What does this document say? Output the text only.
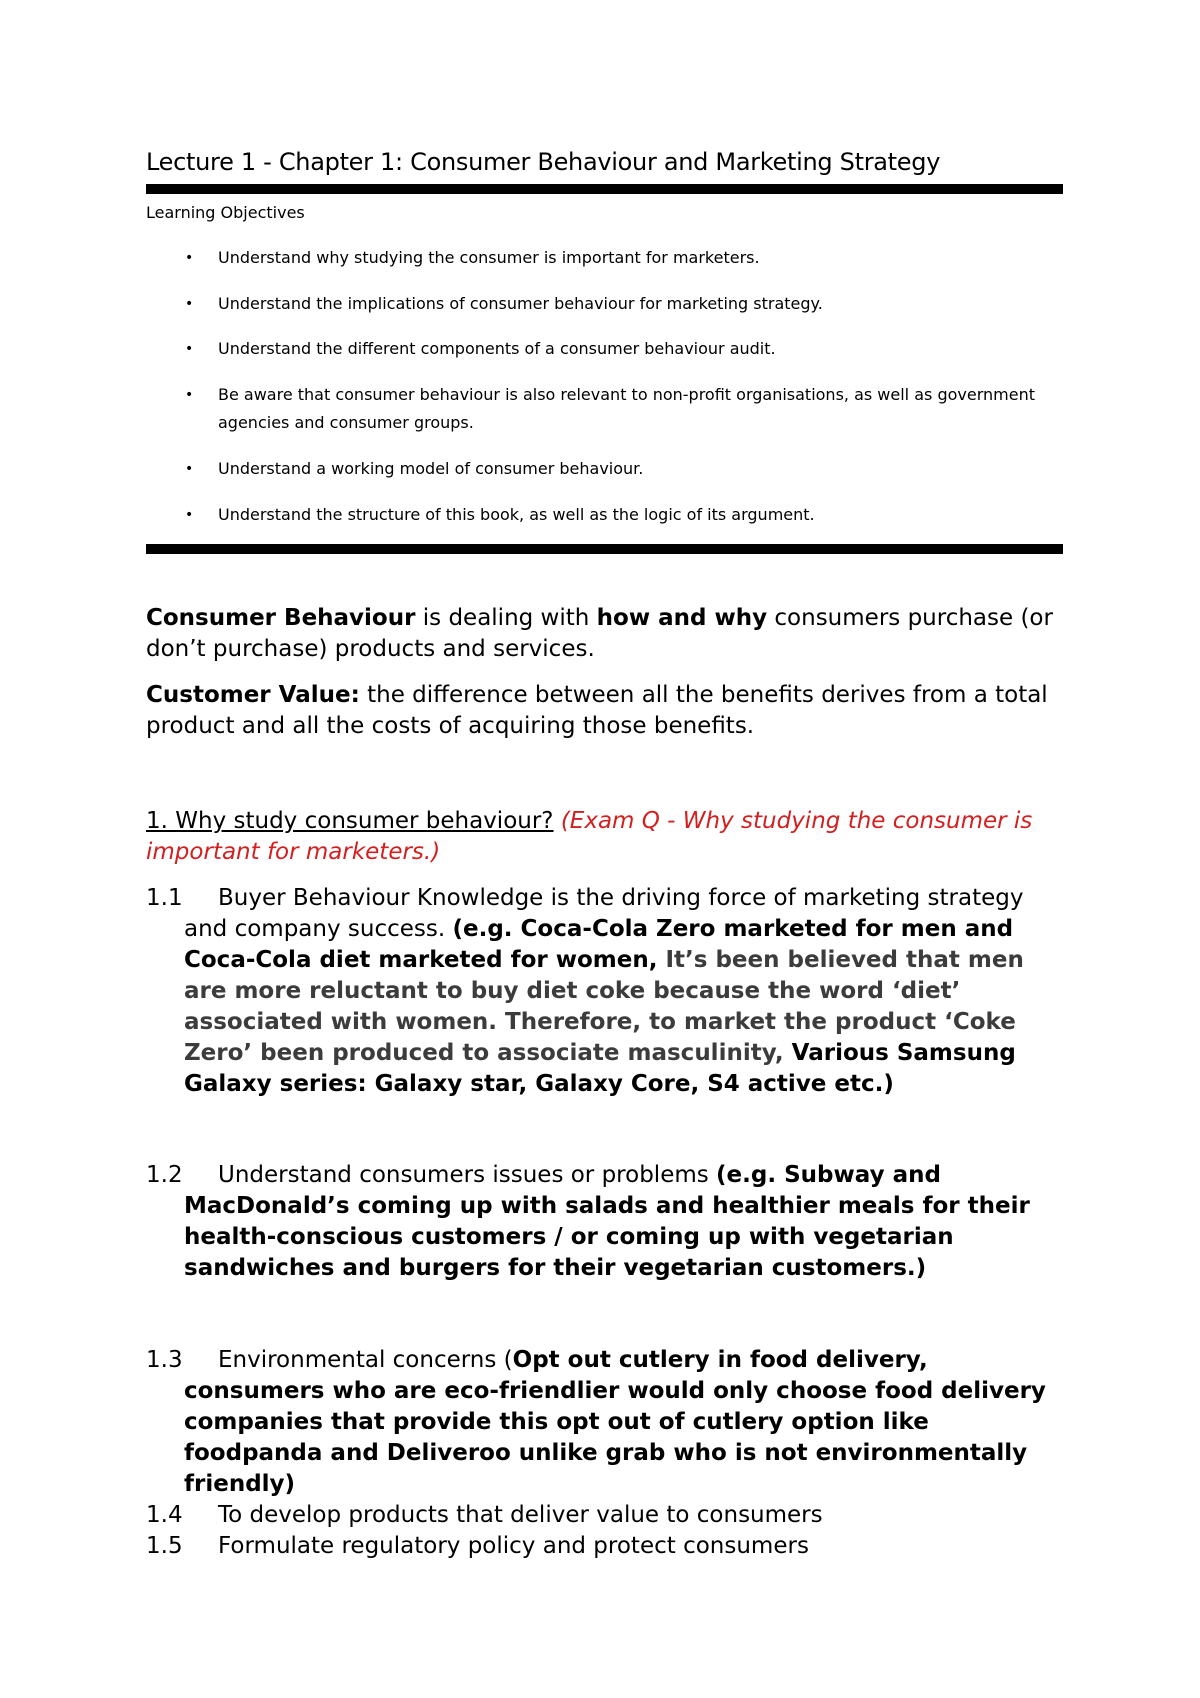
Lecture 1 - Chapter 1: Consumer Behaviour and Marketing Strategy
Learning Objectives
• Understand why studying the consumer is important for marketers.
• Understand the implications of consumer behaviour for marketing strategy.
• Understand the different components of a consumer behaviour audit.
• Be aware that consumer behaviour is also relevant to non-profit organisations, as well as government agencies and consumer groups.
• Understand a working model of consumer behaviour.
• Understand the structure of this book, as well as the logic of its argument.
Consumer Behaviour is dealing with how and why consumers purchase (or don’t purchase) products and services.
Customer Value: the difference between all the benefits derives from a total product and all the costs of acquiring those benefits.
1. Why study consumer behaviour? (Exam Q - Why studying the consumer is important for marketers.)
1.1 Buyer Behaviour Knowledge is the driving force of marketing strategy and company success. (e.g. Coca-Cola Zero marketed for men and Coca-Cola diet marketed for women, It’s been believed that men are more reluctant to buy diet coke because the word ‘diet’ associated with women. Therefore, to market the product ‘Coke Zero’ been produced to associate masculinity, Various Samsung Galaxy series: Galaxy star, Galaxy Core, S4 active etc.)
1.2 Understand consumers issues or problems (e.g. Subway and MacDonald’s coming up with salads and healthier meals for their health-conscious customers / or coming up with vegetarian sandwiches and burgers for their vegetarian customers.)
1.3 Environmental concerns (Opt out cutlery in food delivery, consumers who are eco-friendlier would only choose food delivery companies that provide this opt out of cutlery option like foodpanda and Deliveroo unlike grab who is not environmentally friendly)
1.4 To develop products that deliver value to consumers
1.5 Formulate regulatory policy and protect consumers
